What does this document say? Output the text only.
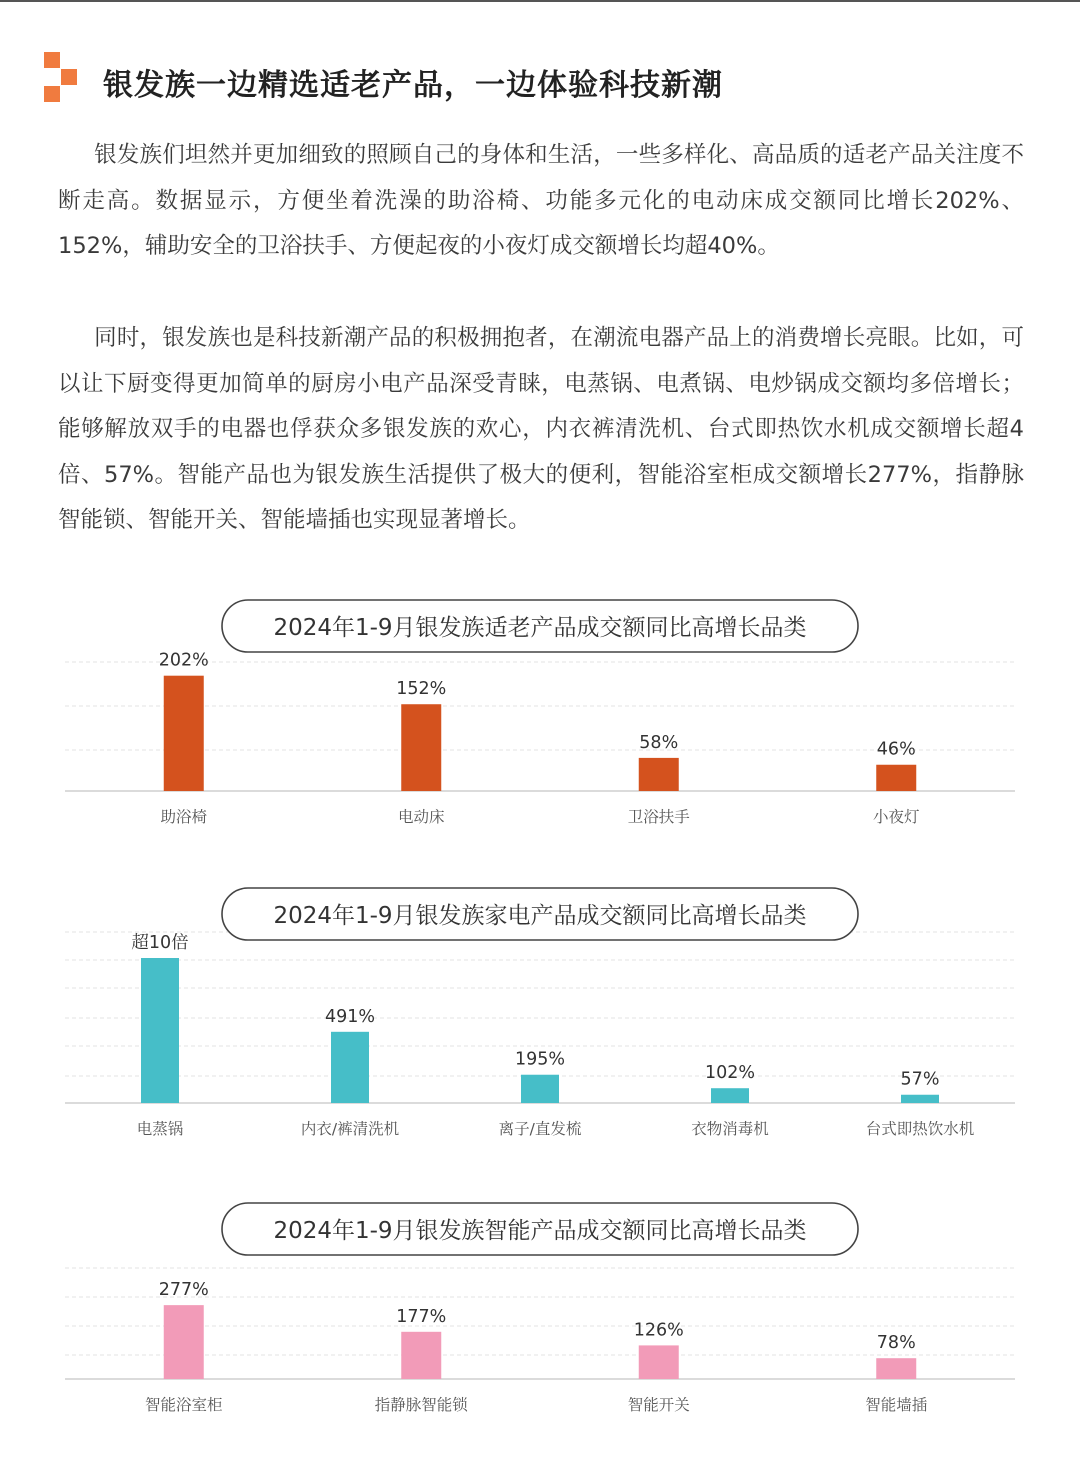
银发族一边精选适老产品，一边体验科技新潮

银发族们坦然并更加细致的照顾自己的身体和生活，一些多样化、高品质的适老产品关注度不断走高。数据显示，方便坐着洗澡的助浴椅、功能多元化的电动床成交额同比增长202%、152%，辅助安全的卫浴扶手、方便起夜的小夜灯成交额增长均超40%。

同时，银发族也是科技新潮产品的积极拥抱者，在潮流电器产品上的消费增长亮眼。比如，可以让下厨变得更加简单的厨房小电产品深受青睐，电蒸锅、电煮锅、电炒锅成交额均多倍增长；能够解放双手的电器也俘获众多银发族的欢心，内衣裤清洗机、台式即热饮水机成交额增长超4倍、57%。智能产品也为银发族生活提供了极大的便利，智能浴室柜成交额增长277%，指静脉智能锁、智能开关、智能墙插也实现显著增长。

2024年1-9月银发族适老产品成交额同比高增长品类
202%
助浴椅
152%
电动床
58%
卫浴扶手
46%
小夜灯
2024年1-9月银发族家电产品成交额同比高增长品类
超10倍
电蒸锅
491%
内衣/裤清洗机
195%
离子/直发梳
102%
衣物消毒机
57%
台式即热饮水机
2024年1-9月银发族智能产品成交额同比高增长品类
277%
智能浴室柜
177%
指静脉智能锁
126%
智能开关
78%
智能墙插
